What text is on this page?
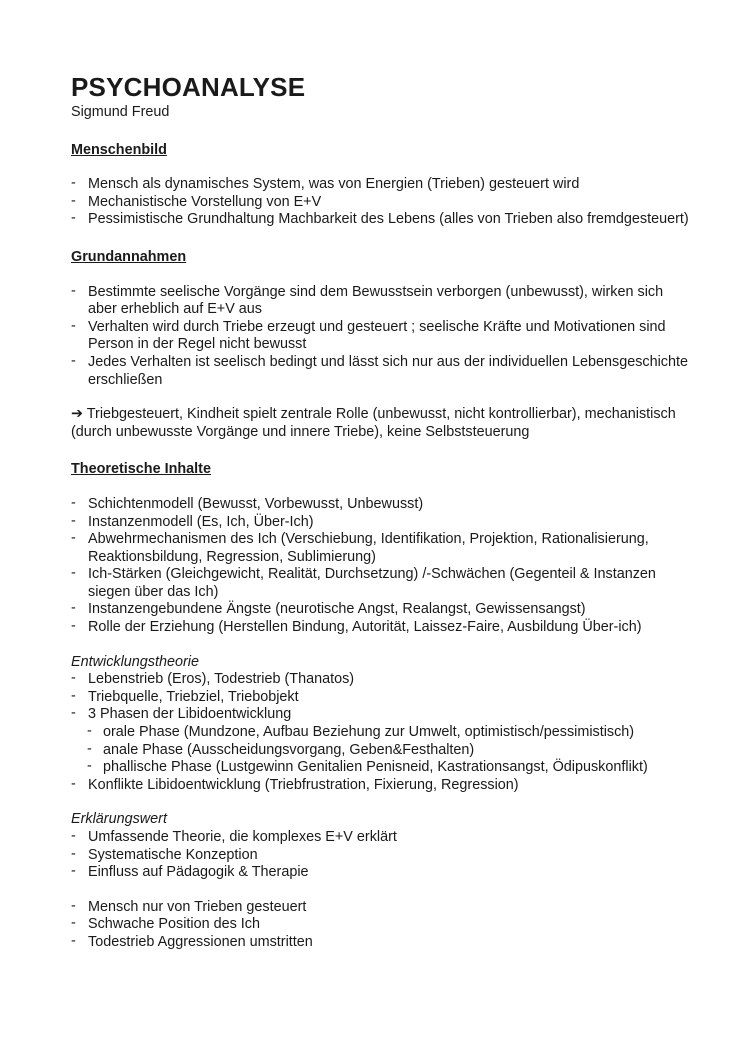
PSYCHOANALYSE
Sigmund Freud
Menschenbild
- Mensch als dynamisches System, was von Energien (Trieben) gesteuert wird
- Mechanistische Vorstellung von E+V
- Pessimistische Grundhaltung Machbarkeit des Lebens (alles von Trieben also fremdgesteuert)
Grundannahmen
- Bestimmte seelische Vorgänge sind dem Bewusstsein verborgen (unbewusst), wirken sich aber erheblich auf E+V aus
- Verhalten wird durch Triebe erzeugt und gesteuert ; seelische Kräfte und Motivationen sind Person in der Regel nicht bewusst
- Jedes Verhalten ist seelisch bedingt und lässt sich nur aus der individuellen Lebensgeschichte erschließen

➔ Triebgesteuert, Kindheit spielt zentrale Rolle (unbewusst, nicht kontrollierbar), mechanistisch (durch unbewusste Vorgänge und innere Triebe), keine Selbststeuerung

Theoretische Inhalte
- Schichtenmodell (Bewusst, Vorbewusst, Unbewusst)
- Instanzenmodell (Es, Ich, Über-Ich)
- Abwehrmechanismen des Ich (Verschiebung, Identifikation, Projektion, Rationalisierung, Reaktionsbildung, Regression, Sublimierung)
- Ich-Stärken (Gleichgewicht, Realität, Durchsetzung) /-Schwächen (Gegenteil & Instanzen siegen über das Ich)
- Instanzengebundene Ängste (neurotische Angst, Realangst, Gewissensangst)
- Rolle der Erziehung (Herstellen Bindung, Autorität, Laissez-Faire, Ausbildung Über-ich)
Entwicklungstheorie
- Lebenstrieb (Eros), Todestrieb (Thanatos)
- Triebquelle, Triebziel, Triebobjekt
- 3 Phasen der Libidoentwicklung
- orale Phase (Mundzone, Aufbau Beziehung zur Umwelt, optimistisch/pessimistisch)
- anale Phase (Ausscheidungsvorgang, Geben&Festhalten)
- phallische Phase (Lustgewinn Genitalien Penisneid, Kastrationsangst, Ödipuskonflikt)
- Konflikte Libidoentwicklung (Triebfrustration, Fixierung, Regression)
Erklärungswert
- Umfassende Theorie, die komplexes E+V erklärt
- Systematische Konzeption
- Einfluss auf Pädagogik & Therapie
- Mensch nur von Trieben gesteuert
- Schwache Position des Ich
- Todestrieb Aggressionen umstritten
